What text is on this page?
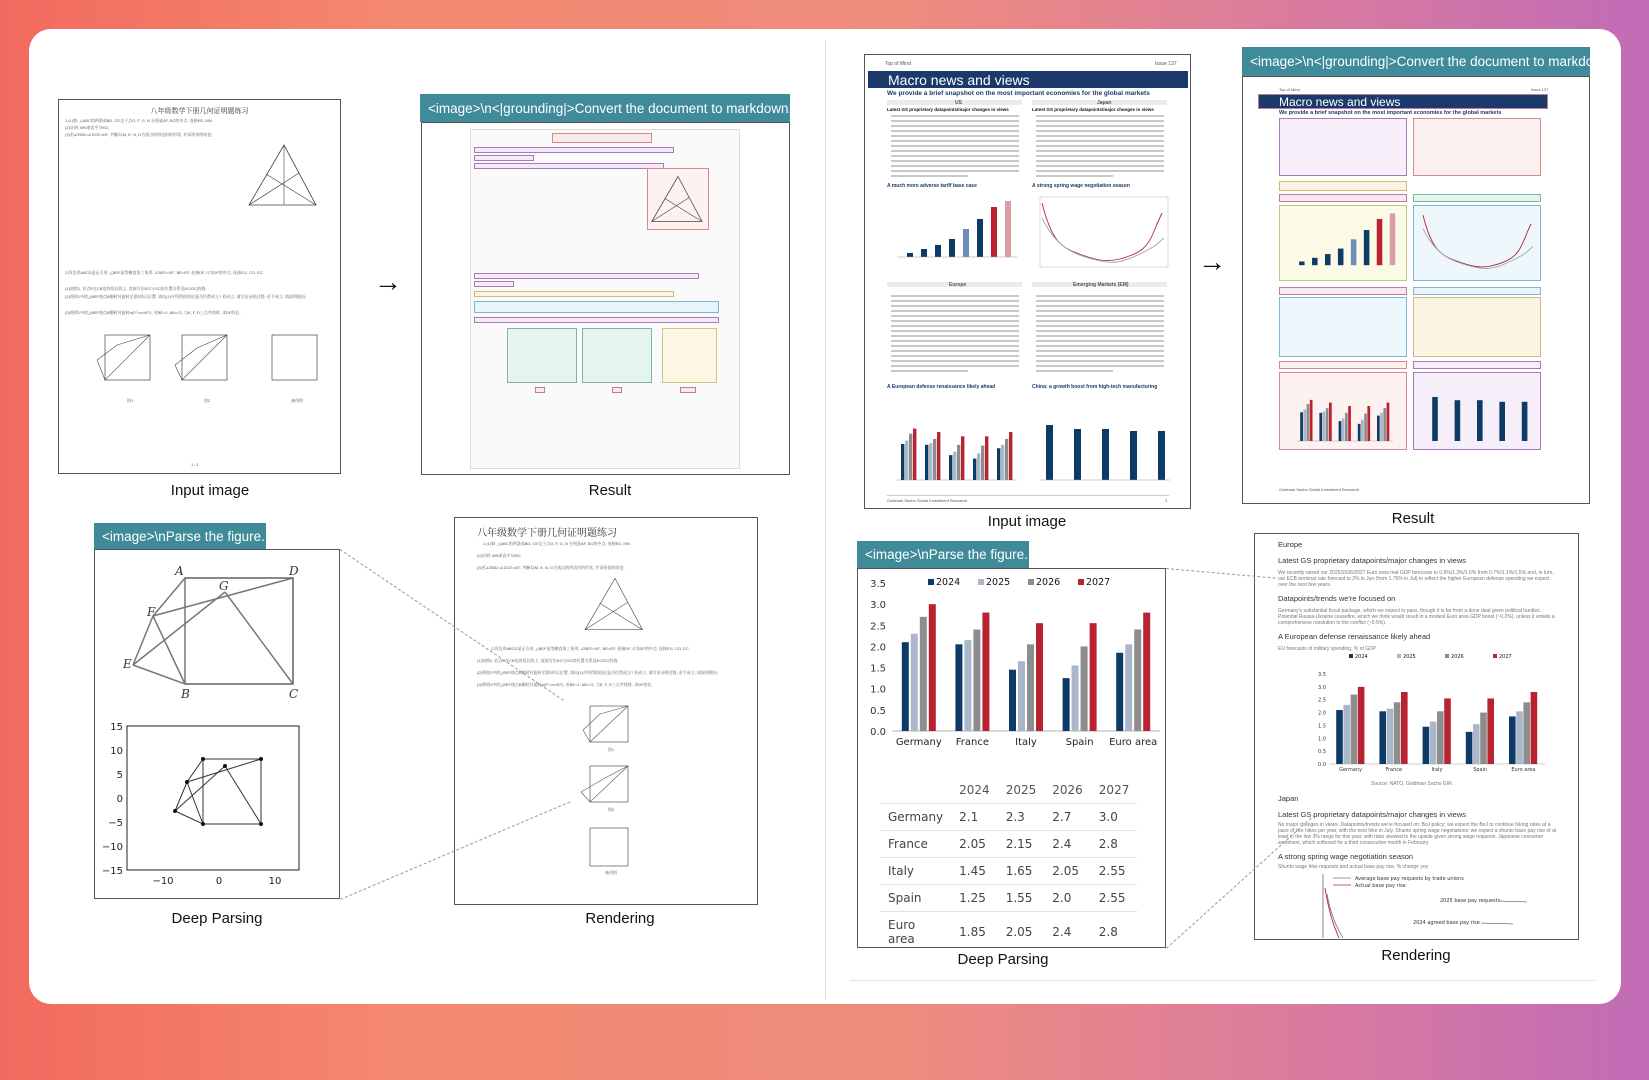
八年级数学下册几何证明题练习
1.(1)如: △ABC的两条高BD, CE交于点O, F, G, N 分别是AF, BC的中点, 连接ED, MN.
(2)证明: MN垂直平分ED;
(3)若∠EBD=∠DCE=45°, 判断以M, E, N, D为顶点的四边形的形状, 并证明你的结论;
2.四边形ABCD是正方形, △BEF是等腰直角三角形, ∠BEF=90°, BE=EF, 连接DF, G为DF的中点, 连接EG, CG, EC.
(1)如图1, 若点E在CB边的延长线上, 直接写出EG与GC的位置关系及EC/GC的值;
(2)将图1中的△BEF绕点B顺时针旋转至图2所示位置, 请问(1)中所得的结论是否仍然成立? 若成立, 请写出证明过程; 若不成立, 请说明理由;
(3)将图1中的△BEF绕点B顺时针旋转α(0°<α<90°), 若BE=1, AB=√2, 当E, F, D三点共线时, 求DF的长,
图1	图2	备用图
1 / 1
Input image
→
<image>\n<|grounding|>Convert the document to markdown.
Result
<image>\nParse the figure.
A	D
G
F
E
B	C
15
10
5
0
−5
−10
−15
−10	0	10
Deep Parsing
八年级数学下册几何证明题练习
1.(1)如: △ABC的两条高BD, CE交于点O, F, G, N 分别是AF, BC的中点, 连接ED, MN.
(2)证明: MN垂直平分ED;
(3)若∠EBD=∠DCE=45°, 判断以M, E, N, D为顶点的四边形的形状, 并证明你的结论;
2.四边形ABCD是正方形, △BEF是等腰直角三角形, ∠BEF=90°, BE=EF, 连接DF, G为DF的中点, 连接EG, CG, EC.
(1)如图1, 若点E在CB边的延长线上, 直接写出EG与GC的位置关系及EC/GC的值;
(2)将图1中的△BEF绕点B顺时针旋转至图2所示位置, 请问(1)中所得的结论是否仍然成立? 若成立, 请写出证明过程; 若不成立, 请说明理由;
(3)将图1中的△BEF绕点B顺时针旋转α(0°<α<90°), 若BE=1, AB=√2, 当E, F, D三点共线时, 求DF的长,
图1
图2
备用图
Rendering
Top of Mind	Issue 137
Macro news and views
We provide a brief snapshot on the most important economies for the global markets
US	Japan
Latest GS proprietary datapoints/major changes in views	Latest GS proprietary datapoints/major changes in views
A much more adverse tariff base case	A strong spring wage negotiation season
Europe	Emerging Markets (EM)
A European defense renaissance likely ahead	China: a growth boost from high-tech manufacturing
Goldman Sachs Global Investment Research	3
Input image
→
<image>\n<|grounding|>Convert the document to markdown.
Top of Mind	Issue 137
Macro news and views
We provide a brief snapshot on the most important economies for the global markets
Goldman Sachs Global Investment Research
Result
<image>\nParse the figure.
0.0
0.5
1.0
1.5
2.0
2.5
3.0
3.5
Germany France	Italy	Spain Euro area
2024	2025	2026	2027
	2024	2025	2026	2027
Germany	2.1	2.3	2.7	3.0
France	2.05	2.15	2.4	2.8
Italy	1.45	1.65	2.05	2.55
Spain	1.25	1.55	2.0	2.55
Euro area	1.85	2.05	2.4	2.8
Deep Parsing
Europe
Latest GS proprietary datapoints/major changes in views
We recently raised our 2025/2026/2027 Euro area real GDP forecasts to 0.8%/1.3%/1.6% from 0.7%/1.1%/1.5% and, in turn, our ECB terminal rate forecast to 2% in Jun (from 1.75% in Jul) to reflect the higher European defense spending we expect over the next few years.
Datapoints/trends we're focused on
Germany's substantial fiscal package, which we expect to pass, though it is far from a done deal given political hurdles. Potential Russia-Ukraine ceasefire, which we think would result in a modest Euro area GDP boost (~0.2%), unless it entails a comprehensive resolution to the conflict (~0.5%).
A European defense renaissance likely ahead
EU forecasts of military spending, % of GDP
Germany	France	Italy	Spain	Euro area
2024	2025	2026	2027
0.0
0.5
1.0
1.5
2.0
2.5
3.0
3.5
Source: NATO, Goldman Sachs GIR.
Japan
Latest GS proprietary datapoints/major changes in views
No major changes in views. Datapoints/trends we're focused on: BoJ policy; we expect the BoJ to continue hiking rates at a pace of two hikes per year, with the next hike in July. Shunto spring wage negotiations; we expect a shunto base pay rise of at least in the low 3% range for this year, with risks skewed to the upside given strong wage requests. Japanese consumer sentiment, which softened for a third consecutive month in February.
A strong spring wage negotiation season
Shunto wage hike requests and actual base pay rise, % change yoy
Average base pay requests by trade unions
Actual base pay rise
2025 base pay requests
2024 agreed base pay rise
Rendering
